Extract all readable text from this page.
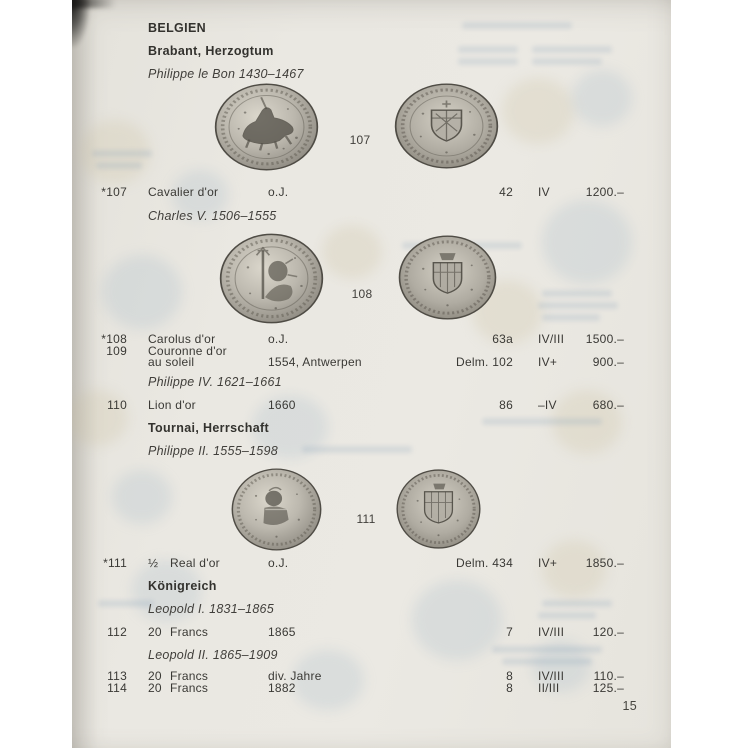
BELGIEN
Brabant, Herzogtum
Philippe le Bon 1430–1467
107
*107 Cavalier d'or	o.J.	42 IV	1200.–
Charles V. 1506–1555
108
*108 Carolus d'or	o.J.	63a IV/III	1500.–
109 Couronne d'or
au soleil	1554, Antwerpen	Delm. 102 IV+	900.–
Philippe IV. 1621–1661
110 Lion d'or	1660	86 –IV	680.–
Tournai, Herrschaft
Philippe II. 1555–1598
111
*111 ½ Real d'or	o.J.	Delm. 434 IV+	1850.–
Königreich
Leopold I. 1831–1865
112 20 Francs	1865	7 IV/III	120.–
Leopold II. 1865–1909
113 20 Francs	div. Jahre	8 IV/III	110.–
114 20 Francs	1882	8 II/III	125.–
15
